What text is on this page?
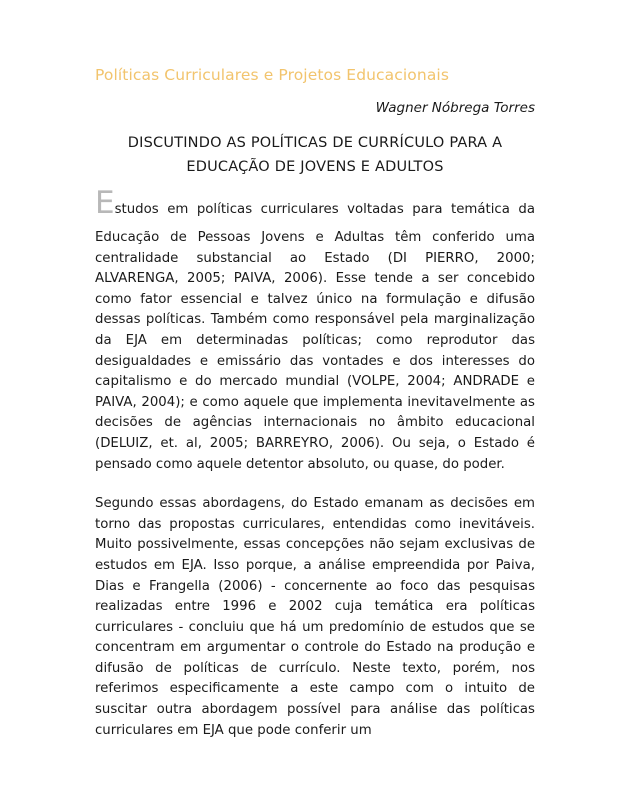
Políticas Curriculares e Projetos Educacionais
Wagner Nóbrega Torres
DISCUTINDO AS POLÍTICAS DE CURRÍCULO PARA A
EDUCAÇÃO DE JOVENS E ADULTOS

Estudos em políticas curriculares voltadas para temática da
Educação de Pessoas Jovens e Adultas têm conferido uma centralidade substancial ao Estado (DI PIERRO, 2000; ALVARENGA, 2005; PAIVA, 2006). Esse tende a ser concebido como fator essencial e talvez único na formulação e difusão dessas políticas. Também como responsável pela marginalização da EJA em determinadas políticas; como reprodutor das desigualdades e emissário das vontades e dos interesses do capitalismo e do mercado mundial (VOLPE, 2004; ANDRADE e PAIVA, 2004); e como aquele que implementa inevitavelmente as decisões de agências internacionais no âmbito educacional (DELUIZ, et. al, 2005; BARREYRO, 2006). Ou seja, o Estado é pensado como aquele detentor absoluto, ou quase, do poder.

Segundo essas abordagens, do Estado emanam as decisões em torno das propostas curriculares, entendidas como inevitáveis. Muito possivelmente, essas concepções não sejam exclusivas de estudos em EJA. Isso porque, a análise empreendida por Paiva, Dias e Frangella (2006) - concernente ao foco das pesquisas realizadas entre 1996 e 2002 cuja temática era políticas curriculares - concluiu que há um predomínio de estudos que se concentram em argumentar o controle do Estado na produção e difusão de políticas de currículo. Neste texto, porém, nos referimos especificamente a este campo com o intuito de suscitar outra abordagem possível para análise das políticas curriculares em EJA que pode conferir um
